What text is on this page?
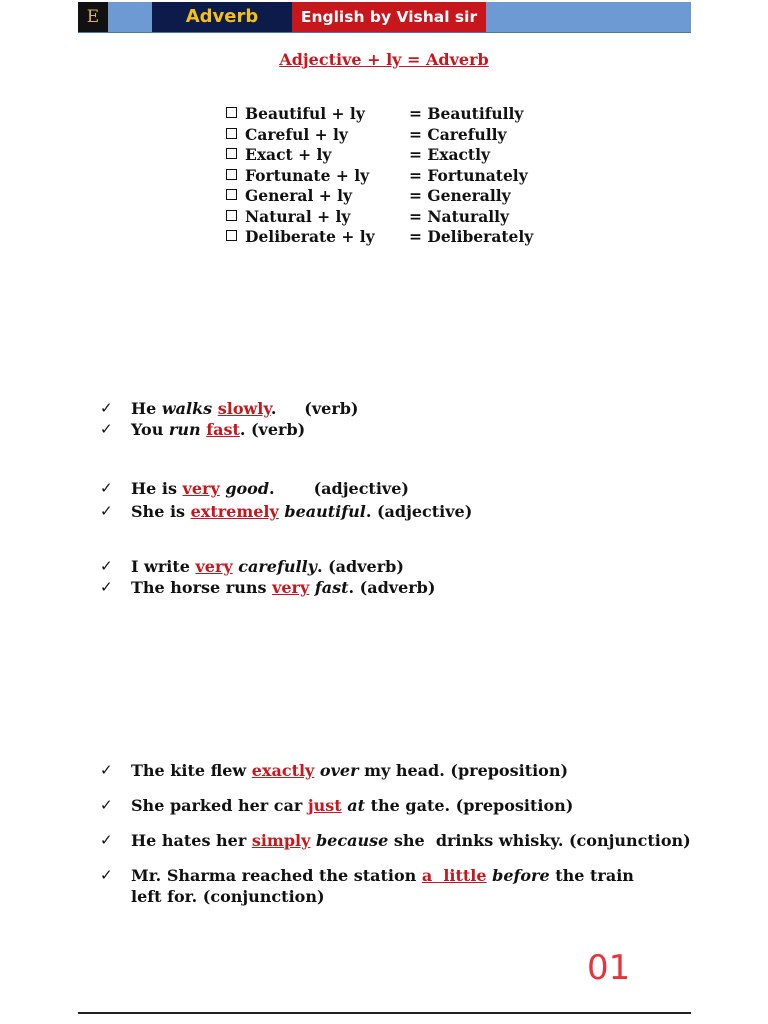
E	Adverb	English by Vishal sir
Adjective + ly = Adverb
Beautiful + ly	= Beautifully
Careful + ly	= Carefully
Exact + ly	= Exactly
Fortunate + ly	= Fortunately
General + ly	= Generally
Natural + ly	= Naturally
Deliberate + ly = Deliberately
✓ He walks slowly.     (verb)
✓ You run fast. (verb)
✓ He is very good.       (adjective)
✓ She is extremely beautiful. (adjective)
✓ I write very carefully. (adverb)
✓ The horse runs very fast. (adverb)
✓ The kite flew exactly over my head. (preposition)
✓ She parked her car just at the gate. (preposition)
✓ He hates her simply because she  drinks whisky. (conjunction)
✓ Mr. Sharma reached the station a  little before the train left for. (conjunction)
01
